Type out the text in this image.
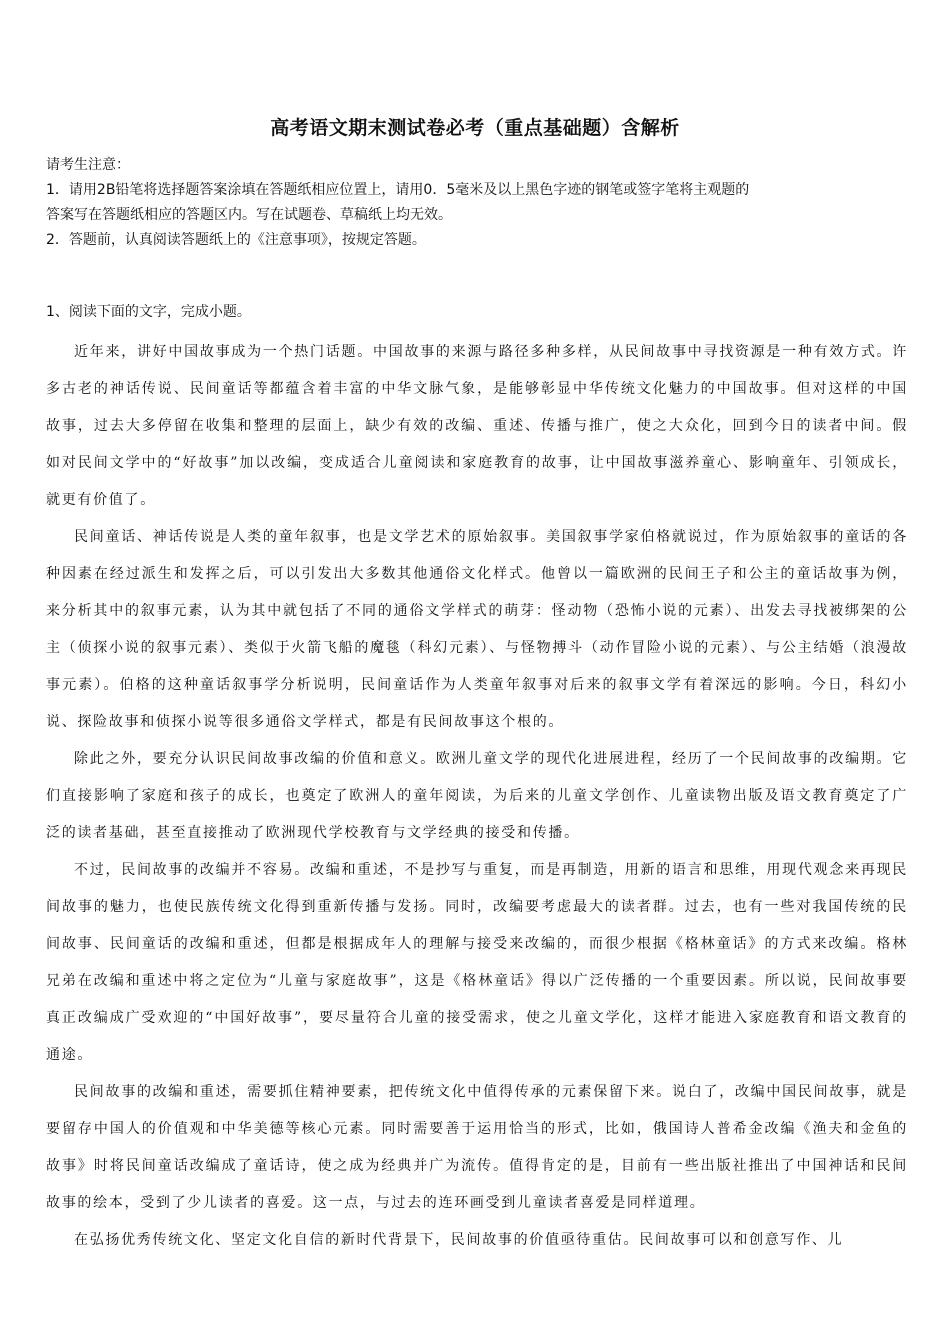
高考语文期末测试卷必考（重点基础题）含解析
请考生注意：
1．请用2B铅笔将选择题答案涂填在答题纸相应位置上，请用0．5毫米及以上黑色字迹的钢笔或签字笔将主观题的
答案写在答题纸相应的答题区内。写在试题卷、草稿纸上均无效。
2．答题前，认真阅读答题纸上的《注意事项》，按规定答题。
1、阅读下面的文字，完成小题。

近年来，讲好中国故事成为一个热门话题。中国故事的来源与路径多种多样，从民间故事中寻找资源是一种有效方式。许多古老的神话传说、民间童话等都蕴含着丰富的中华文脉气象，是能够彰显中华传统文化魅力的中国故事。但对这样的中国故事，过去大多停留在收集和整理的层面上，缺少有效的改编、重述、传播与推广，使之大众化，回到今日的读者中间。假如对民间文学中的“好故事”加以改编，变成适合儿童阅读和家庭教育的故事，让中国故事滋养童心、影响童年、引领成长，就更有价值了。

民间童话、神话传说是人类的童年叙事，也是文学艺术的原始叙事。美国叙事学家伯格就说过，作为原始叙事的童话的各种因素在经过派生和发挥之后，可以引发出大多数其他通俗文化样式。他曾以一篇欧洲的民间王子和公主的童话故事为例，来分析其中的叙事元素，认为其中就包括了不同的通俗文学样式的萌芽：怪动物（恐怖小说的元素）、出发去寻找被绑架的公主（侦探小说的叙事元素）、类似于火箭飞船的魔毯（科幻元素）、与怪物搏斗（动作冒险小说的元素）、与公主结婚（浪漫故事元素）。伯格的这种童话叙事学分析说明，民间童话作为人类童年叙事对后来的叙事文学有着深远的影响。今日，科幻小说、探险故事和侦探小说等很多通俗文学样式，都是有民间故事这个根的。

除此之外，要充分认识民间故事改编的价值和意义。欧洲儿童文学的现代化进展进程，经历了一个民间故事的改编期。它们直接影响了家庭和孩子的成长，也奠定了欧洲人的童年阅读，为后来的儿童文学创作、儿童读物出版及语文教育奠定了广泛的读者基础，甚至直接推动了欧洲现代学校教育与文学经典的接受和传播。

不过，民间故事的改编并不容易。改编和重述，不是抄写与重复，而是再制造，用新的语言和思维，用现代观念来再现民间故事的魅力，也使民族传统文化得到重新传播与发扬。同时，改编要考虑最大的读者群。过去，也有一些对我国传统的民间故事、民间童话的改编和重述，但都是根据成年人的理解与接受来改编的，而很少根据《格林童话》的方式来改编。格林兄弟在改编和重述中将之定位为“儿童与家庭故事”，这是《格林童话》得以广泛传播的一个重要因素。所以说，民间故事要真正改编成广受欢迎的“中国好故事”，要尽量符合儿童的接受需求，使之儿童文学化，这样才能进入家庭教育和语文教育的通途。

民间故事的改编和重述，需要抓住精神要素，把传统文化中值得传承的元素保留下来。说白了，改编中国民间故事，就是要留存中国人的价值观和中华美德等核心元素。同时需要善于运用恰当的形式，比如，俄国诗人普希金改编《渔夫和金鱼的故事》时将民间童话改编成了童话诗，使之成为经典并广为流传。值得肯定的是，目前有一些出版社推出了中国神话和民间故事的绘本，受到了少儿读者的喜爱。这一点，与过去的连环画受到儿童读者喜爱是同样道理。

在弘扬优秀传统文化、坚定文化自信的新时代背景下，民间故事的价值亟待重估。民间故事可以和创意写作、儿
